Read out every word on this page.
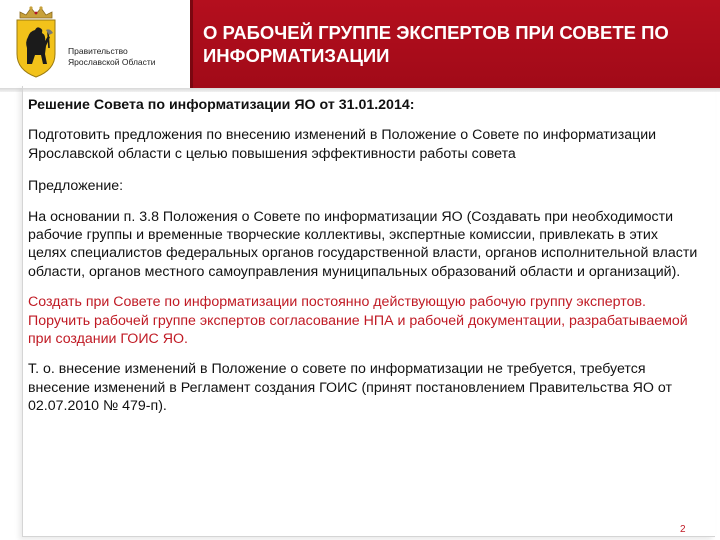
Правительство
Ярославской Области
О РАБОЧЕЙ ГРУППЕ ЭКСПЕРТОВ ПРИ СОВЕТЕ ПО
ИНФОРМАТИЗАЦИИ

Решение Совета по информатизации ЯО от 31.01.2014:

Подготовить предложения по внесению изменений в Положение о Совете по информатизации Ярославской области с целью повышения эффективности работы совета

Предложение:

На основании п. 3.8 Положения о Совете по информатизации ЯО (Создавать при необходимости рабочие группы и временные творческие коллективы, экспертные комиссии, привлекать в этих целях специалистов федеральных органов государственной власти, органов исполнительной власти области, органов местного самоуправления муниципальных образований области и организаций).

Создать при Совете по информатизации постоянно действующую рабочую группу экспертов. Поручить рабочей группе экспертов согласование НПА и рабочей документации, разрабатываемой при создании ГОИС ЯО.

Т. о. внесение изменений в Положение о совете по информатизации не требуется, требуется внесение изменений в Регламент создания ГОИС (принят постановлением Правительства ЯО от 02.07.2010 № 479-п).

2
